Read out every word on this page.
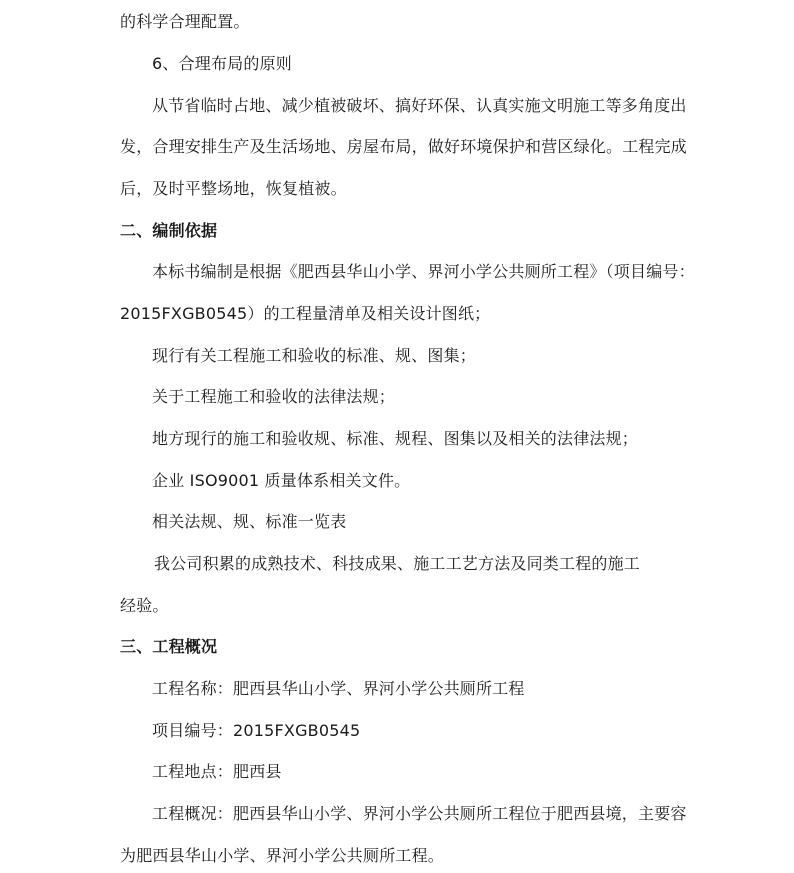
的科学合理配置。
6、合理布局的原则
从节省临时占地、减少植被破坏、搞好环保、认真实施文明施工等多角度出
发，合理安排生产及生活场地、房屋布局，做好环境保护和营区绿化。工程完成
后，及时平整场地，恢复植被。
二、编制依据
本标书编制是根据《肥西县华山小学、界河小学公共厕所工程》（项目编号：
2015FXGB0545）的工程量清单及相关设计图纸；
现行有关工程施工和验收的标准、规、图集；
关于工程施工和验收的法律法规；
地方现行的施工和验收规、标准、规程、图集以及相关的法律法规；
企业 ISO9001 质量体系相关文件。
相关法规、规、标准一览表
我公司积累的成熟技术、科技成果、施工工艺方法及同类工程的施工
经验。
三、工程概况
工程名称：肥西县华山小学、界河小学公共厕所工程
项目编号：2015FXGB0545
工程地点：肥西县
工程概况：肥西县华山小学、界河小学公共厕所工程位于肥西县境，主要容
为肥西县华山小学、界河小学公共厕所工程。
